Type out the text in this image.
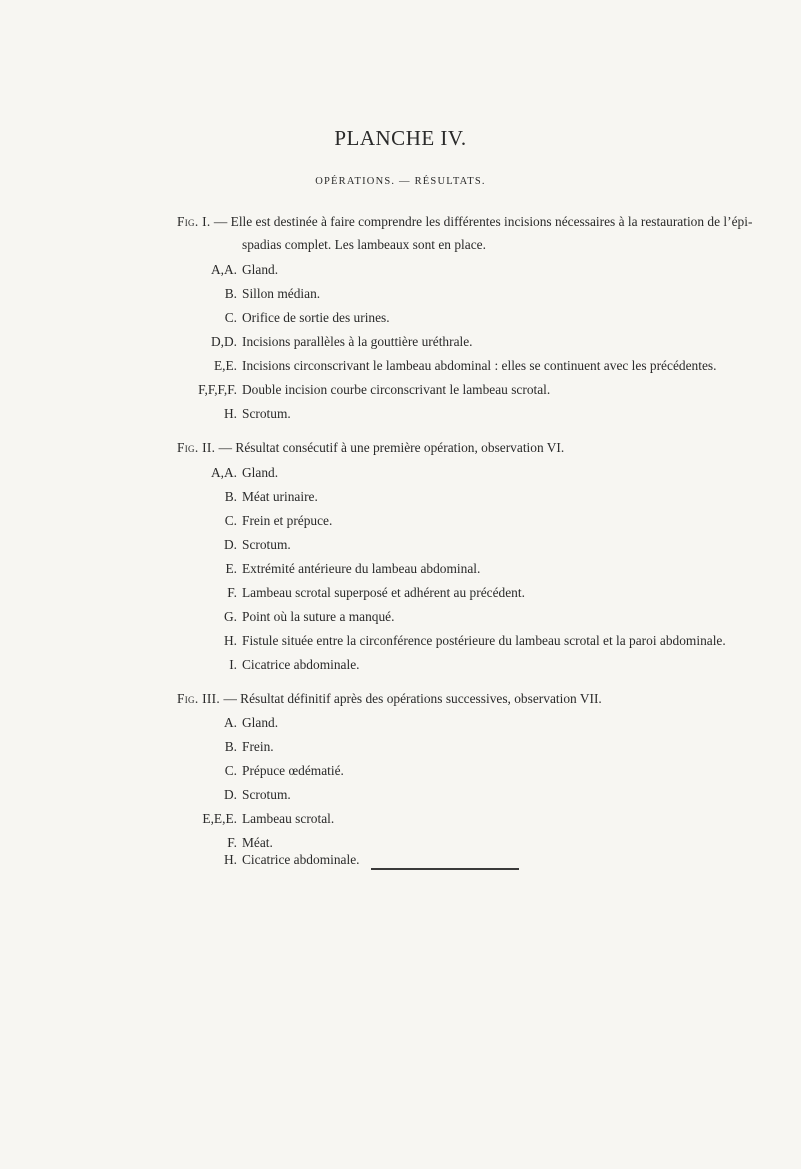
PLANCHE IV.
OPÉRATIONS. — RÉSULTATS.
Fig. I. — Elle est destinée à faire comprendre les différentes incisions nécessaires à la restauration de l’épi-
spadias complet. Les lambeaux sont en place.
A,A. Gland.
B. Sillon médian.
C. Orifice de sortie des urines.
D,D. Incisions parallèles à la gouttière uréthrale.
E,E. Incisions circonscrivant le lambeau abdominal : elles se continuent avec les précédentes.
F,F,F,F. Double incision courbe circonscrivant le lambeau scrotal.
H. Scrotum.
Fig. II. — Résultat consécutif à une première opération, observation VI.
A,A. Gland.
B. Méat urinaire.
C. Frein et prépuce.
D. Scrotum.
E. Extrémité antérieure du lambeau abdominal.
F. Lambeau scrotal superposé et adhérent au précédent.
G. Point où la suture a manqué.
H. Fistule située entre la circonférence postérieure du lambeau scrotal et la paroi abdominale.
I. Cicatrice abdominale.
Fig. III. — Résultat définitif après des opérations successives, observation VII.
A. Gland.
B. Frein.
C. Prépuce œdématié.
D. Scrotum.
E,E,E. Lambeau scrotal.
F. Méat.
H. Cicatrice abdominale.
